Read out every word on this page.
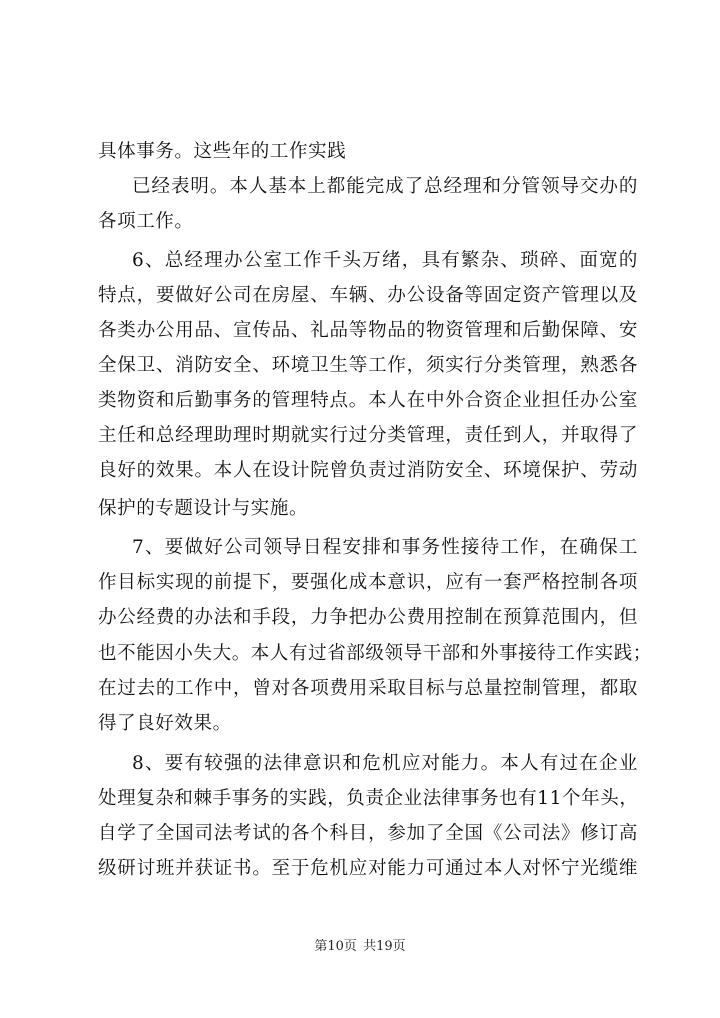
具体事务。这些年的工作实践
已经表明。本人基本上都能完成了总经理和分管领导交办的
各项工作。
6、总经理办公室工作千头万绪，具有繁杂、琐碎、面宽的
特点，要做好公司在房屋、车辆、办公设备等固定资产管理以及
各类办公用品、宣传品、礼品等物品的物资管理和后勤保障、安
全保卫、消防安全、环境卫生等工作，须实行分类管理，熟悉各
类物资和后勤事务的管理特点。本人在中外合资企业担任办公室
主任和总经理助理时期就实行过分类管理，责任到人，并取得了
良好的效果。本人在设计院曾负责过消防安全、环境保护、劳动
保护的专题设计与实施。
7、要做好公司领导日程安排和事务性接待工作，在确保工
作目标实现的前提下，要强化成本意识，应有一套严格控制各项
办公经费的办法和手段，力争把办公费用控制在预算范围内，但
也不能因小失大。本人有过省部级领导干部和外事接待工作实践；
在过去的工作中，曾对各项费用采取目标与总量控制管理，都取
得了良好效果。
8、要有较强的法律意识和危机应对能力。本人有过在企业
处理复杂和棘手事务的实践，负责企业法律事务也有11个年头，
自学了全国司法考试的各个科目，参加了全国《公司法》修订高
级研讨班并获证书。至于危机应对能力可通过本人对怀宁光缆维
第10页 共19页
